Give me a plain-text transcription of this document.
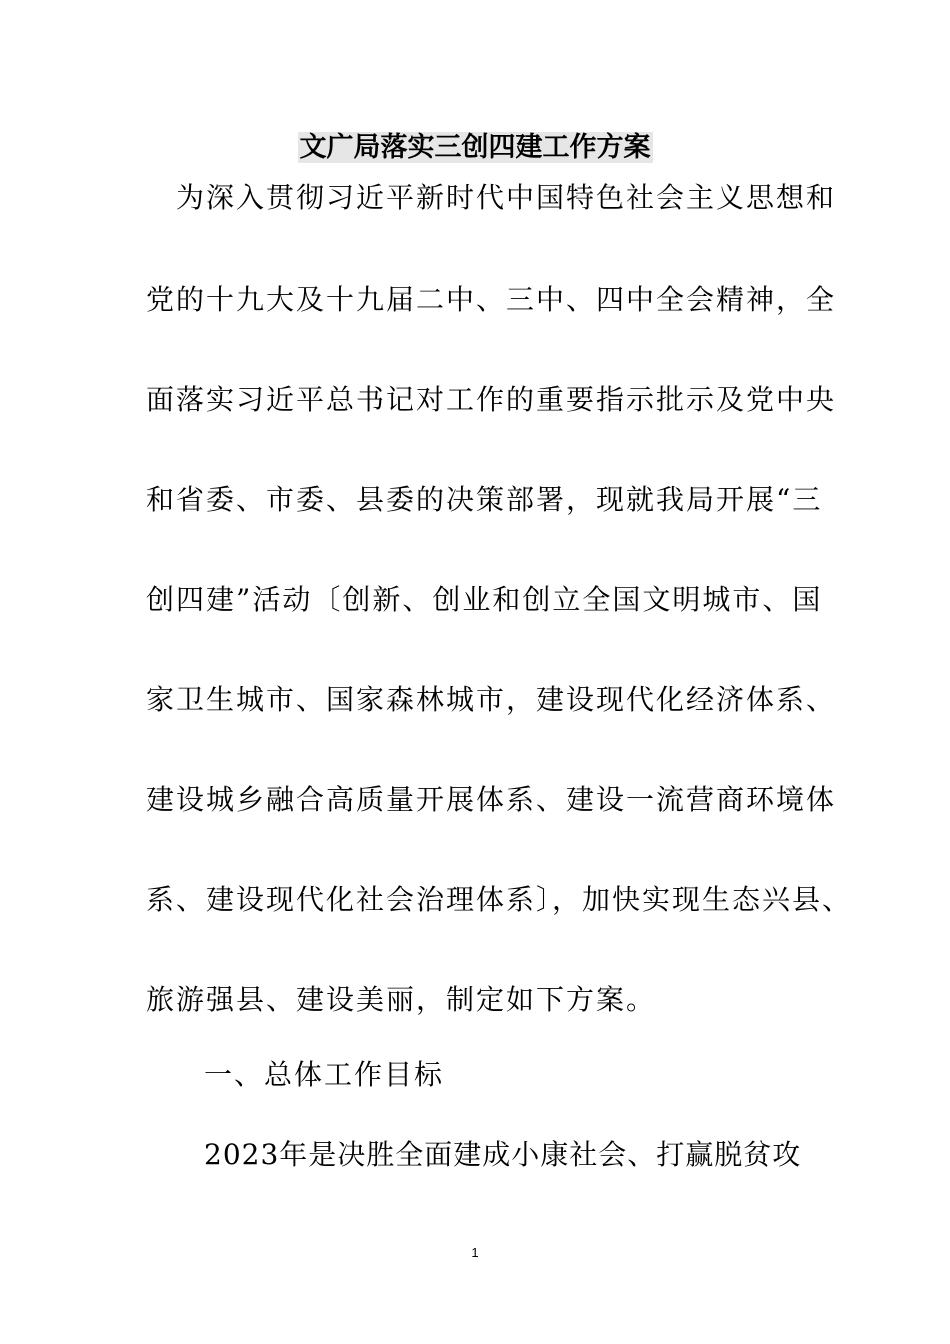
文广局落实三创四建工作方案
为深入贯彻习近平新时代中国特色社会主义思想和
党的十九大及十九届二中、三中、四中全会精神，全
面落实习近平总书记对工作的重要指示批示及党中央
和省委、市委、县委的决策部署，现就我局开展“三
创四建”活动〔创新、创业和创立全国文明城市、国
家卫生城市、国家森林城市，建设现代化经济体系、
建设城乡融合高质量开展体系、建设一流营商环境体
系、建设现代化社会治理体系〕，加快实现生态兴县、
旅游强县、建设美丽，制定如下方案。
一、总体工作目标
2023年是决胜全面建成小康社会、打赢脱贫攻
1
